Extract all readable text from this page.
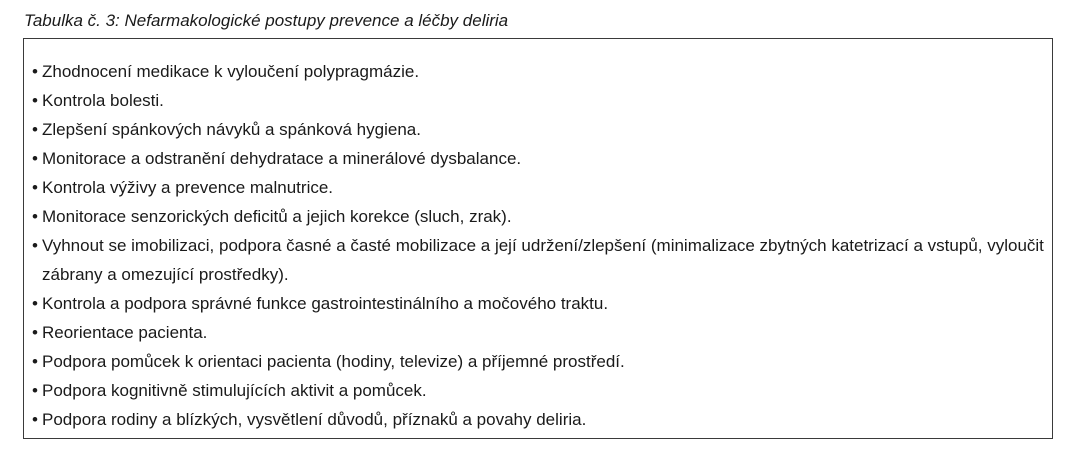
Tabulka č. 3: Nefarmakologické postupy prevence a léčby deliria
• Zhodnocení medikace k vyloučení polypragmázie.
• Kontrola bolesti.
• Zlepšení spánkových návyků a spánková hygiena.
• Monitorace a odstranění dehydratace a minerálové dysbalance.
• Kontrola výživy a prevence malnutrice.
• Monitorace senzorických deficitů a jejich korekce (sluch, zrak).
• Vyhnout se imobilizaci, podpora časné a časté mobilizace a její udržení/zlepšení (minimalizace zbytných katetrizací a vstupů, vyloučit zábrany a omezující prostředky).
• Kontrola a podpora správné funkce gastrointestinálního a močového traktu.
• Reorientace pacienta.
• Podpora pomůcek k orientaci pacienta (hodiny, televize) a příjemné prostředí.
• Podpora kognitivně stimulujících aktivit a pomůcek.
• Podpora rodiny a blízkých, vysvětlení důvodů, příznaků a povahy deliria.
